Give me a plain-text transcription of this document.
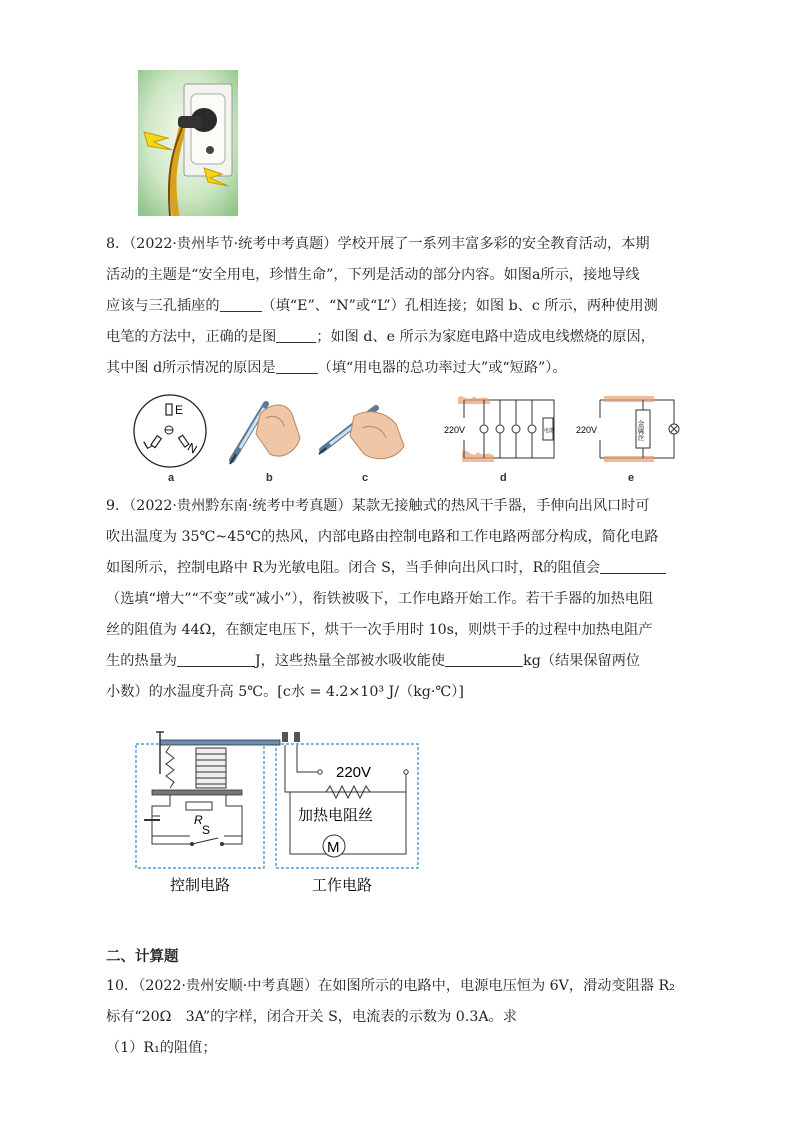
8．（2022·贵州毕节·统考中考真题）学校开展了一系列丰富多彩的安全教育活动，本期
活动的主题是“安全用电，珍惜生命”，下列是活动的部分内容。如图a所示，接地导线
应该与三孔插座的	（填“E”、“N”或“L”）孔相连接；如图 b、c 所示，两种使用测
电笔的方法中，正确的是图	；如图 d、e 所示为家庭电路中造成电线燃烧的原因，
其中图 d所示情况的原因是	（填“用电器的总功率过大”或“短路”）。
E
L	N
a	b	c
220V	电器
d
220V	金属丝
e
9．（2022·贵州黔东南·统考中考真题）某款无接触式的热风干手器，手伸向出风口时可
吹出温度为 35℃~45℃的热风，内部电路由控制电路和工作电路两部分构成，简化电路
如图所示，控制电路中 R为光敏电阻。闭合 S，当手伸向出风口时，R的阻值会
（选填“增大”“不变”或“减小”），衔铁被吸下，工作电路开始工作。若干手器的加热电阻
丝的阻值为 44Ω，在额定电压下，烘干一次手用时 10s，则烘干手的过程中加热电阻产
生的热量为	J，这些热量全部被水吸收能使	kg（结果保留两位
小数）的水温度升高 5℃。[c水 = 4.2×10³ J/（kg·℃）]
R
S
220V
加热电阻丝
M
控制电路	工作电路
二、计算题
10．（2022·贵州安顺·中考真题）在如图所示的电路中，电源电压恒为 6V，滑动变阻器 R₂
标有“20Ω　3A”的字样，闭合开关 S，电流表的示数为 0.3A。求
（1）R₁的阻值；
